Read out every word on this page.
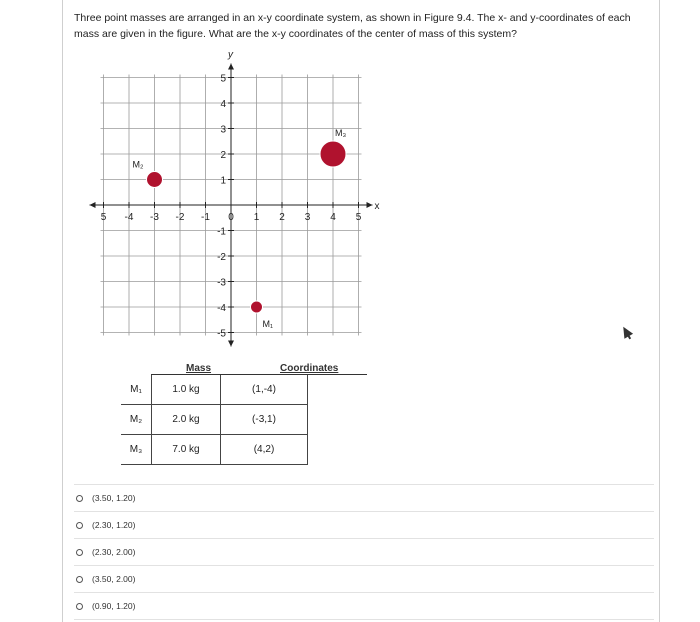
Three point masses are arranged in an x-y coordinate system, as shown in Figure 9.4. The x- and y-coordinates of each
mass are given in the figure. What are the x-y coordinates of the center of mass of this system?
x
y
5 -4 -3 -2 -1 0 1 2 3 4 5
-5
-4
-3
-2
-1
1
2
3
4
5
M₁
M₂
M₃
Mass	Coordinates
M₁	1.0 kg	(1,-4)
M₂	2.0 kg	(-3,1)
M₃	7.0 kg	(4,2)
(3.50, 1.20)
(2.30, 1.20)
(2.30, 2.00)
(3.50, 2.00)
(0.90, 1.20)
